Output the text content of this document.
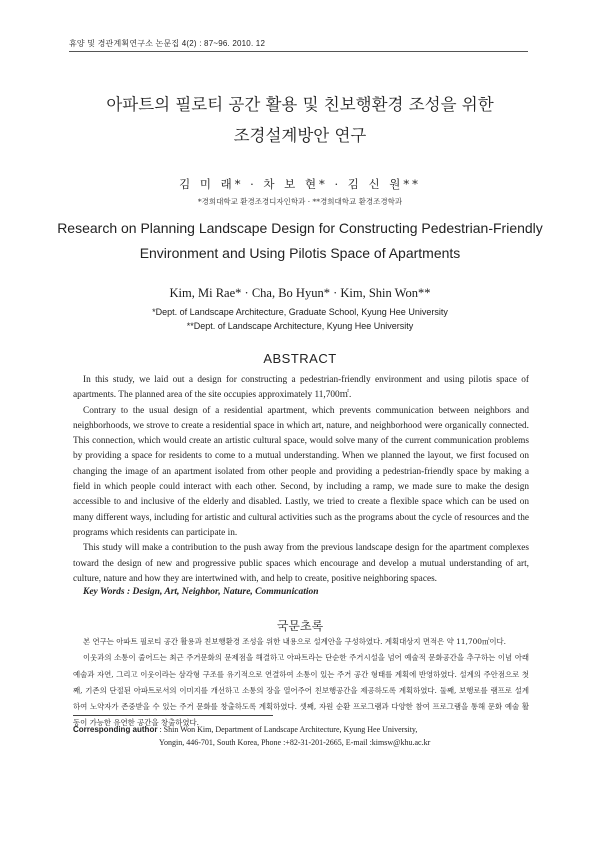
휴양 및 경관계획연구소 논문집 4(2) : 87~96. 2010. 12
아파트의 필로티 공간 활용 및 친보행환경 조성을 위한
조경설계방안 연구
김 미 래* · 차 보 현* · 김 신 원**
*경희대학교 환경조경디자인학과 · **경희대학교 환경조경학과
Research on Planning Landscape Design for Constructing Pedestrian-Friendly
Environment and Using Pilotis Space of Apartments
Kim, Mi Rae* · Cha, Bo Hyun* · Kim, Shin Won**
*Dept. of Landscape Architecture, Graduate School, Kyung Hee University
**Dept. of Landscape Architecture, Kyung Hee University
ABSTRACT

In this study, we laid out a design for constructing a pedestrian-friendly environment and using pilotis space of apartments. The planned area of the site occupies approximately 11,700㎡.

Contrary to the usual design of a residential apartment, which prevents communication between neighbors and neighborhoods, we strove to create a residential space in which art, nature, and neighborhood were organically connected. This connection, which would create an artistic cultural space, would solve many of the current communication problems by providing a space for residents to come to a mutual understanding. When we planned the layout, we first focused on changing the image of an apartment isolated from other people and providing a pedestrian-friendly space by making a field in which people could interact with each other. Second, by including a ramp, we made sure to make the design accessible to and inclusive of the elderly and disabled. Lastly, we tried to create a flexible space which can be used on many different ways, including for artistic and cultural activities such as the programs about the cycle of resources and the programs which residents can participate in.

This study will make a contribution to the push away from the previous landscape design for the apartment complexes toward the design of new and progressive public spaces which encourage and develop a mutual understanding of art, culture, nature and how they are intertwined with, and help to create, positive neighboring spaces.

Key Words : Design, Art, Neighbor, Nature, Communication
국문초록

본 연구는 아파트 필로티 공간 활용과 친보행환경 조성을 위한 내용으로 설계안을 구성하였다. 계획대상지 면적은 약 11,700㎡이다.

이웃과의 소통이 줄어드는 최근 주거문화의 문제점을 해결하고 아파트라는 단순한 주거시설을 넘어 예술적 문화공간을 추구하는 이념 아래 예술과 자연, 그리고 이웃이라는 삼각형 구조를 유기적으로 연결하여 소통이 있는 주거 공간 형태를 계획에 반영하였다. 설계의 주안점으로 첫째, 기존의 단절된 아파트로서의 이미지를 개선하고 소통의 장을 열어주어 친보행공간을 제공하도록 계획하였다. 둘째, 보행로를 램프로 설계하여 노약자가 존중받을 수 있는 주거 문화를 창출하도록 계획하였다. 셋째, 자원 순환 프로그램과 다양한 참여 프로그램을 통해 문화 예술 활동이 가능한 유연한 공간을 창출하였다.

Corresponding author : Shin Won Kim, Department of Landscape Architecture, Kyung Hee University,
Yongin, 446-701, South Korea, Phone :+82-31-201-2665, E-mail :kimsw@khu.ac.kr
